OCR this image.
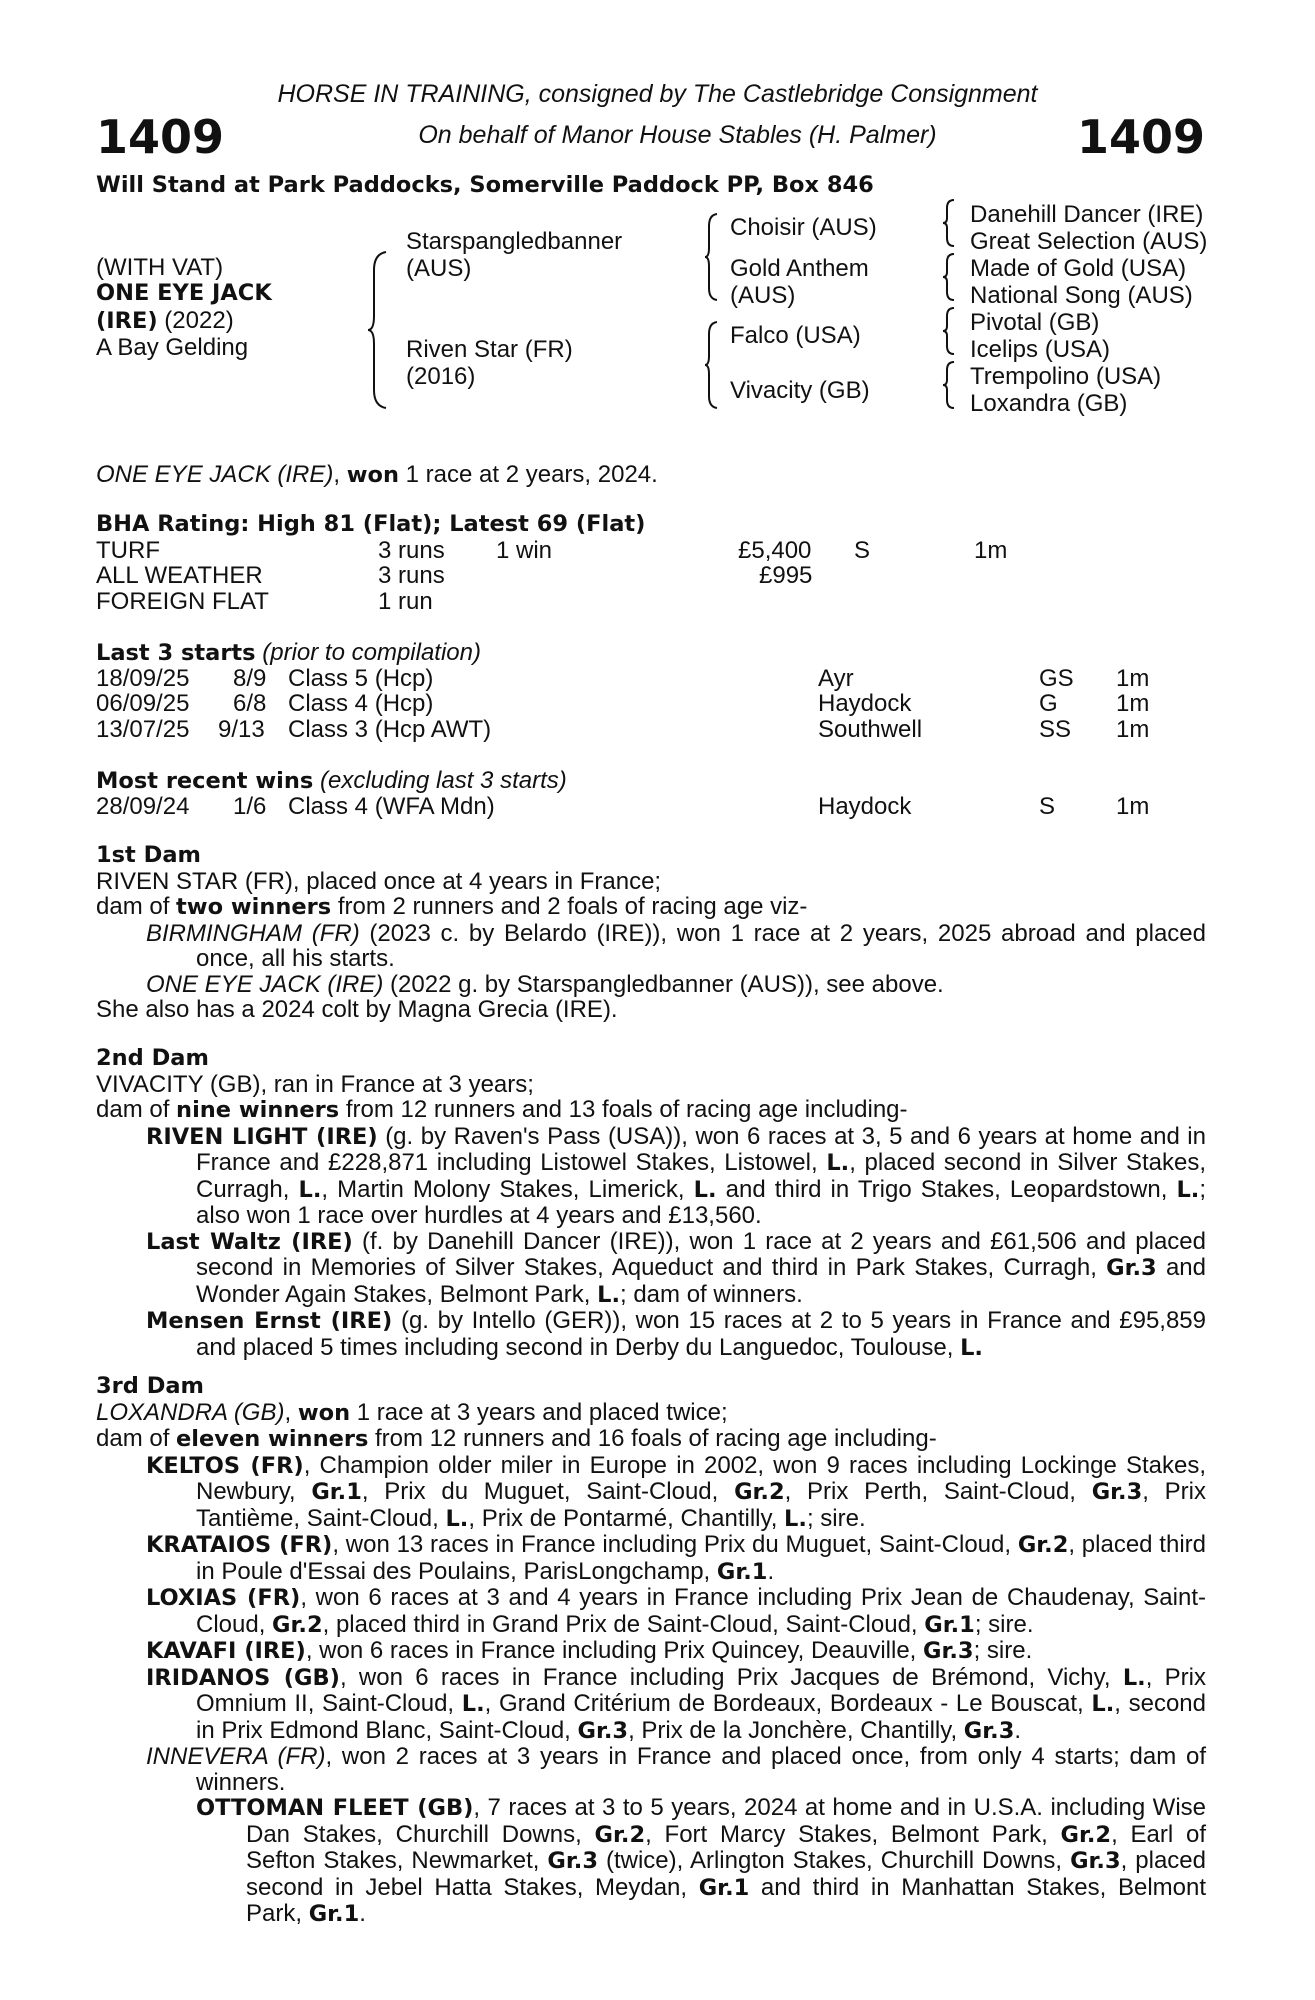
1409	1409
HORSE IN TRAINING, consigned by The Castlebridge Consignment
On behalf of Manor House Stables (H. Palmer)
Will Stand at Park Paddocks, Somerville Paddock PP, Box 846
(WITH VAT)
ONE EYE JACK
(IRE) (2022)
A Bay Gelding
Starspangledbanner
(AUS)
Riven Star (FR)
(2016)
Choisir (AUS)
Gold Anthem
(AUS)
Falco (USA)
Vivacity (GB)
Danehill Dancer (IRE)
Great Selection (AUS)
Made of Gold (USA)
National Song (AUS)
Pivotal (GB)
Icelips (USA)
Trempolino (USA)
Loxandra (GB)
ONE EYE JACK (IRE), won 1 race at 2 years, 2024.
BHA Rating: High 81 (Flat); Latest 69 (Flat)
TURF	3 runs 1 win	£5,400 S	1m
ALL WEATHER	3 runs	£995
FOREIGN FLAT	1 run
Last 3 starts (prior to compilation)
18/09/25 8/9 Class 5 (Hcp)	Ayr	GS 1m
06/09/25 6/8 Class 4 (Hcp)	Haydock	G 1m
13/07/25 9/13 Class 3 (Hcp AWT)	Southwell	SS 1m
Most recent wins (excluding last 3 starts)
28/09/24 1/6 Class 4 (WFA Mdn)	Haydock	S	1m
1st Dam
RIVEN STAR (FR), placed once at 4 years in France;
dam of two winners from 2 runners and 2 foals of racing age viz-

BIRMINGHAM (FR) (2023 c. by Belardo (IRE)), won 1 race at 2 years, 2025 abroad and placed once, all his starts.

ONE EYE JACK (IRE) (2022 g. by Starspangledbanner (AUS)), see above.

She also has a 2024 colt by Magna Grecia (IRE).
2nd Dam
VIVACITY (GB), ran in France at 3 years;
dam of nine winners from 12 runners and 13 foals of racing age including-

RIVEN LIGHT (IRE) (g. by Raven's Pass (USA)), won 6 races at 3, 5 and 6 years at home and in France and £228,871 including Listowel Stakes, Listowel, L., placed second in Silver Stakes, Curragh, L., Martin Molony Stakes, Limerick, L. and third in Trigo Stakes, Leopardstown, L.; also won 1 race over hurdles at 4 years and £13,560.

Last Waltz (IRE) (f. by Danehill Dancer (IRE)), won 1 race at 2 years and £61,506 and placed second in Memories of Silver Stakes, Aqueduct and third in Park Stakes, Curragh, Gr.3 and Wonder Again Stakes, Belmont Park, L.; dam of winners.

Mensen Ernst (IRE) (g. by Intello (GER)), won 15 races at 2 to 5 years in France and £95,859 and placed 5 times including second in Derby du Languedoc, Toulouse, L.

3rd Dam
LOXANDRA (GB), won 1 race at 3 years and placed twice;
dam of eleven winners from 12 runners and 16 foals of racing age including-

KELTOS (FR), Champion older miler in Europe in 2002, won 9 races including Lockinge Stakes, Newbury, Gr.1, Prix du Muguet, Saint-Cloud, Gr.2, Prix Perth, Saint-Cloud, Gr.3, Prix Tantième, Saint-Cloud, L., Prix de Pontarmé, Chantilly, L.; sire.

KRATAIOS (FR), won 13 races in France including Prix du Muguet, Saint-Cloud, Gr.2, placed third in Poule d'Essai des Poulains, ParisLongchamp, Gr.1.

LOXIAS (FR), won 6 races at 3 and 4 years in France including Prix Jean de Chaudenay, Saint-Cloud, Gr.2, placed third in Grand Prix de Saint-Cloud, Saint-Cloud, Gr.1; sire.

KAVAFI (IRE), won 6 races in France including Prix Quincey, Deauville, Gr.3; sire.

IRIDANOS (GB), won 6 races in France including Prix Jacques de Brémond, Vichy, L., Prix Omnium II, Saint-Cloud, L., Grand Critérium de Bordeaux, Bordeaux - Le Bouscat, L., second in Prix Edmond Blanc, Saint-Cloud, Gr.3, Prix de la Jonchère, Chantilly, Gr.3.

INNEVERA (FR), won 2 races at 3 years in France and placed once, from only 4 starts; dam of winners.

OTTOMAN FLEET (GB), 7 races at 3 to 5 years, 2024 at home and in U.S.A. including Wise Dan Stakes, Churchill Downs, Gr.2, Fort Marcy Stakes, Belmont Park, Gr.2, Earl of Sefton Stakes, Newmarket, Gr.3 (twice), Arlington Stakes, Churchill Downs, Gr.3, placed second in Jebel Hatta Stakes, Meydan, Gr.1 and third in Manhattan Stakes, Belmont Park, Gr.1.
